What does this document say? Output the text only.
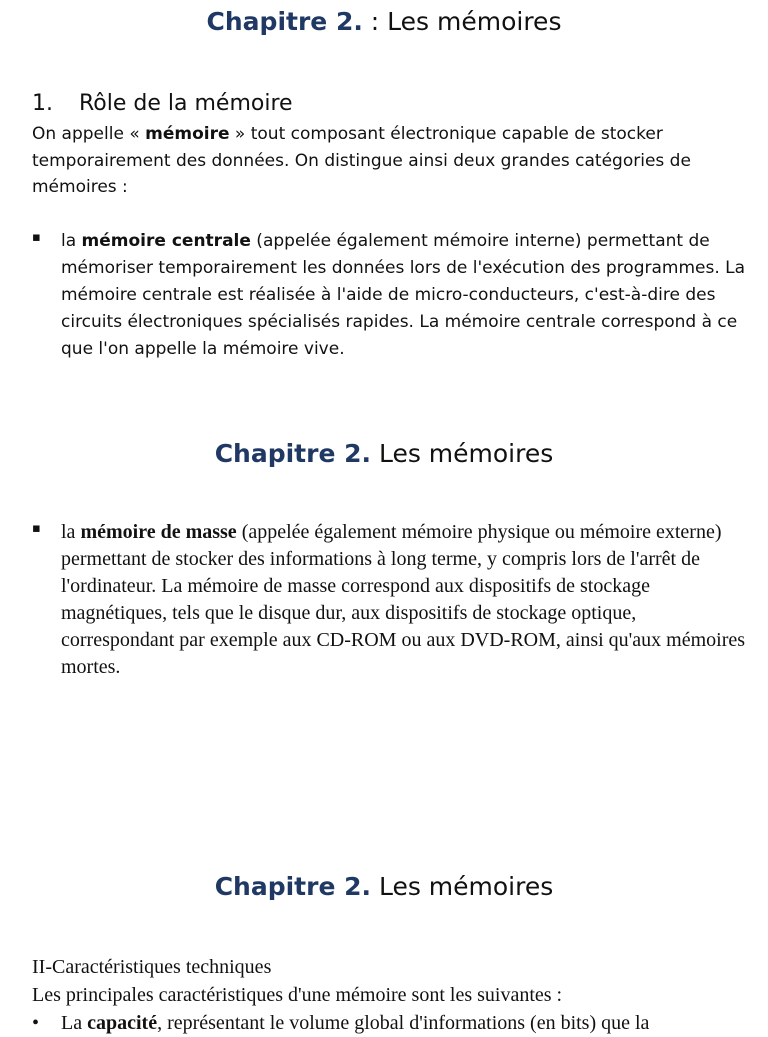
Chapitre 2. : Les mémoires
1. Rôle de la mémoire
On appelle « mémoire » tout composant électronique capable de stocker temporairement des données. On distingue ainsi deux grandes catégories de mémoires :
▪	la mémoire centrale (appelée également mémoire interne) permettant de mémoriser temporairement les données lors de l'exécution des programmes. La mémoire centrale est réalisée à l'aide de micro-conducteurs, c'est-à-dire des circuits électroniques spécialisés rapides. La mémoire centrale correspond à ce que l'on appelle la mémoire vive.
Chapitre 2. Les mémoires
▪	la mémoire de masse (appelée également mémoire physique ou mémoire externe) permettant de stocker des informations à long terme, y compris lors de l'arrêt de l'ordinateur. La mémoire de masse correspond aux dispositifs de stockage magnétiques, tels que le disque dur, aux dispositifs de stockage optique, correspondant par exemple aux CD-ROM ou aux DVD-ROM, ainsi qu'aux mémoires mortes.
Chapitre 2. Les mémoires
II-Caractéristiques techniques
Les principales caractéristiques d'une mémoire sont les suivantes :
• La capacité, représentant le volume global d'informations (en bits) que la
